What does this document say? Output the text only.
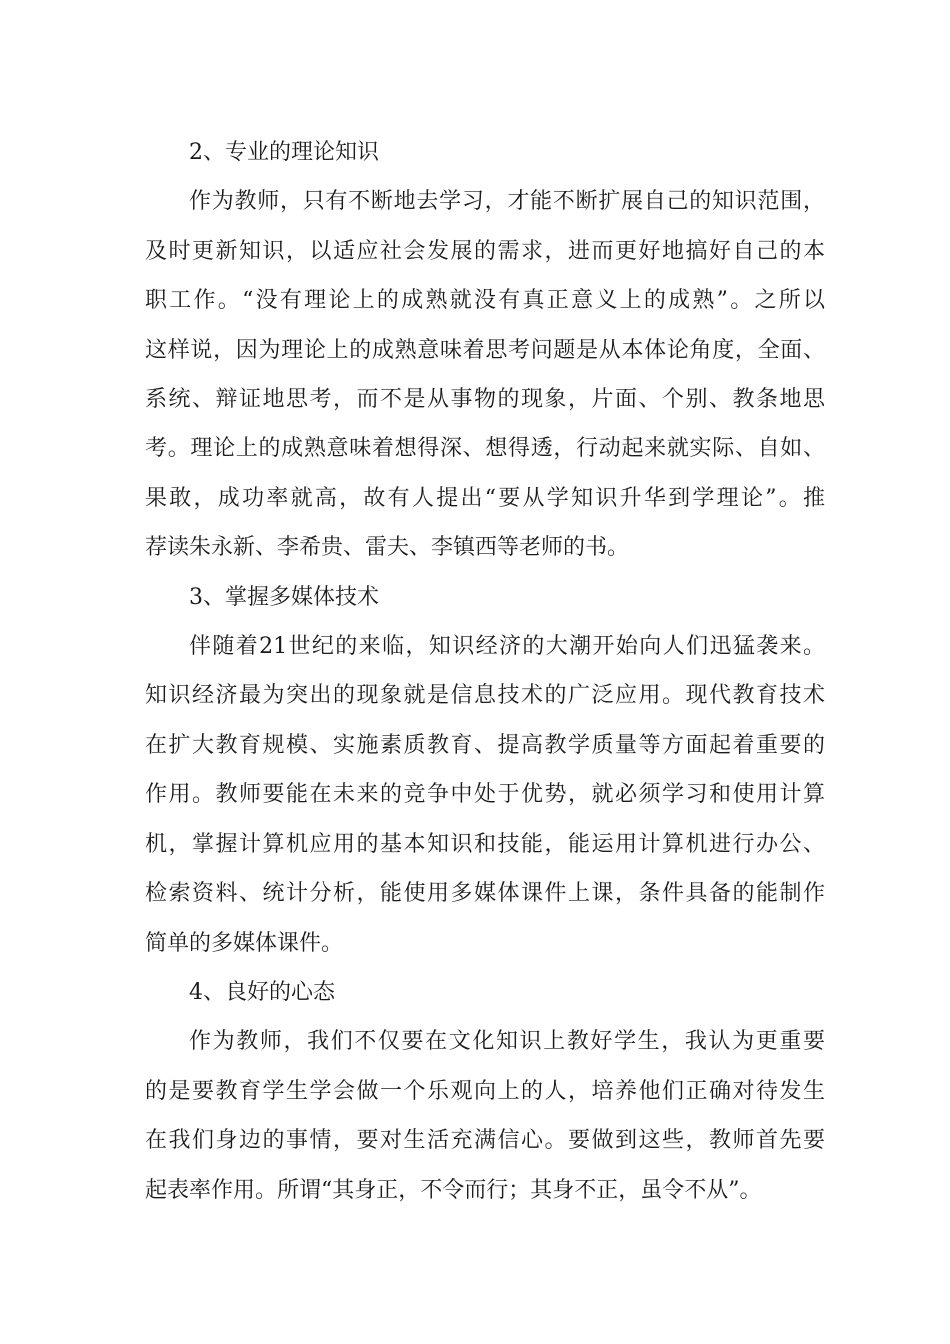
2、专业的理论知识

作为教师，只有不断地去学习，才能不断扩展自己的知识范围，
及时更新知识，以适应社会发展的需求，进而更好地搞好自己的本
职工作。“没有理论上的成熟就没有真正意义上的成熟”。之所以
这样说，因为理论上的成熟意味着思考问题是从本体论角度，全面、
系统、辩证地思考，而不是从事物的现象，片面、个别、教条地思
考。理论上的成熟意味着想得深、想得透，行动起来就实际、自如、
果敢，成功率就高，故有人提出“要从学知识升华到学理论”。推
荐读朱永新、李希贵、雷夫、李镇西等老师的书。

3、掌握多媒体技术

伴随着21世纪的来临，知识经济的大潮开始向人们迅猛袭来。
知识经济最为突出的现象就是信息技术的广泛应用。现代教育技术
在扩大教育规模、实施素质教育、提高教学质量等方面起着重要的
作用。教师要能在未来的竞争中处于优势，就必须学习和使用计算
机，掌握计算机应用的基本知识和技能，能运用计算机进行办公、
检索资料、统计分析，能使用多媒体课件上课，条件具备的能制作
简单的多媒体课件。

4、良好的心态

作为教师，我们不仅要在文化知识上教好学生，我认为更重要
的是要教育学生学会做一个乐观向上的人，培养他们正确对待发生
在我们身边的事情，要对生活充满信心。要做到这些，教师首先要
起表率作用。所谓“其身正，不令而行；其身不正，虽令不从”。
